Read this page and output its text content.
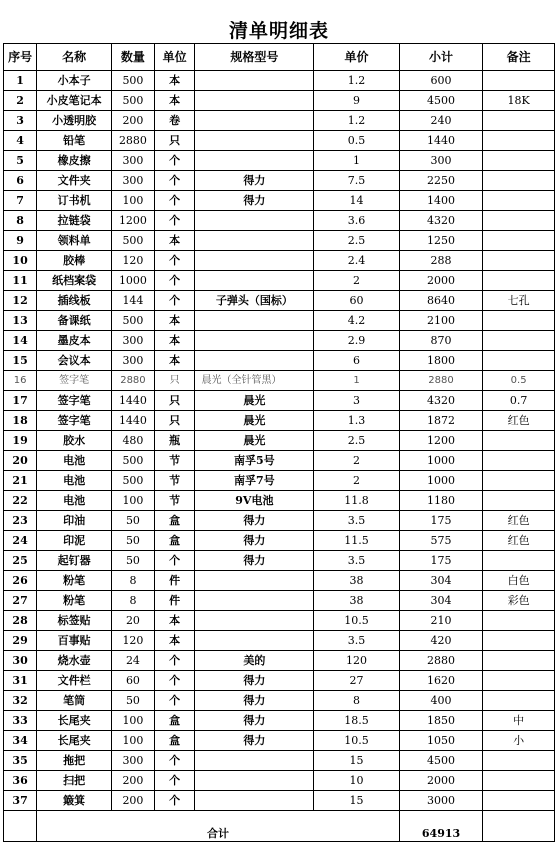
清单明细表
序号	名称	数量	单位	规格型号	单价	小计	备注
1	小本子	500	本		1.2	600	
2	小皮笔记本	500	本		9	4500	18K
3	小透明胶	200	卷		1.2	240	
4	铅笔	2880	只		0.5	1440	
5	橡皮擦	300	个		1	300	
6	文件夹	300	个	得力	7.5	2250	
7	订书机	100	个	得力	14	1400	
8	拉链袋	1200	个		3.6	4320	
9	领料单	500	本		2.5	1250	
10	胶棒	120	个		2.4	288	
11	纸档案袋	1000	个		2	2000	
12	插线板	144	个	子弹头（国标）	60	8640	七孔
13	备课纸	500	本		4.2	2100	
14	墨皮本	300	本		2.9	870	
15	会议本	300	本		6	1800	
16	签字笔	2880	只	晨光（全针管黑）	1	2880	0.5
17	签字笔	1440	只	晨光	3	4320	0.7
18	签字笔	1440	只	晨光	1.3	1872	红色
19	胶水	480	瓶	晨光	2.5	1200	
20	电池	500	节	南孚5号	2	1000	
21	电池	500	节	南孚7号	2	1000	
22	电池	100	节	9V电池	11.8	1180	
23	印油	50	盒	得力	3.5	175	红色
24	印泥	50	盒	得力	11.5	575	红色
25	起钉器	50	个	得力	3.5	175	
26	粉笔	8	件		38	304	白色
27	粉笔	8	件		38	304	彩色
28	标签贴	20	本		10.5	210	
29	百事贴	120	本		3.5	420	
30	烧水壶	24	个	美的	120	2880	
31	文件栏	60	个	得力	27	1620	
32	笔筒	50	个	得力	8	400	
33	长尾夹	100	盒	得力	18.5	1850	中
34	长尾夹	100	盒	得力	10.5	1050	小
35	拖把	300	个		15	4500	
36	扫把	200	个		10	2000	
37	簸箕	200	个		15	3000	
	合计					64913	
